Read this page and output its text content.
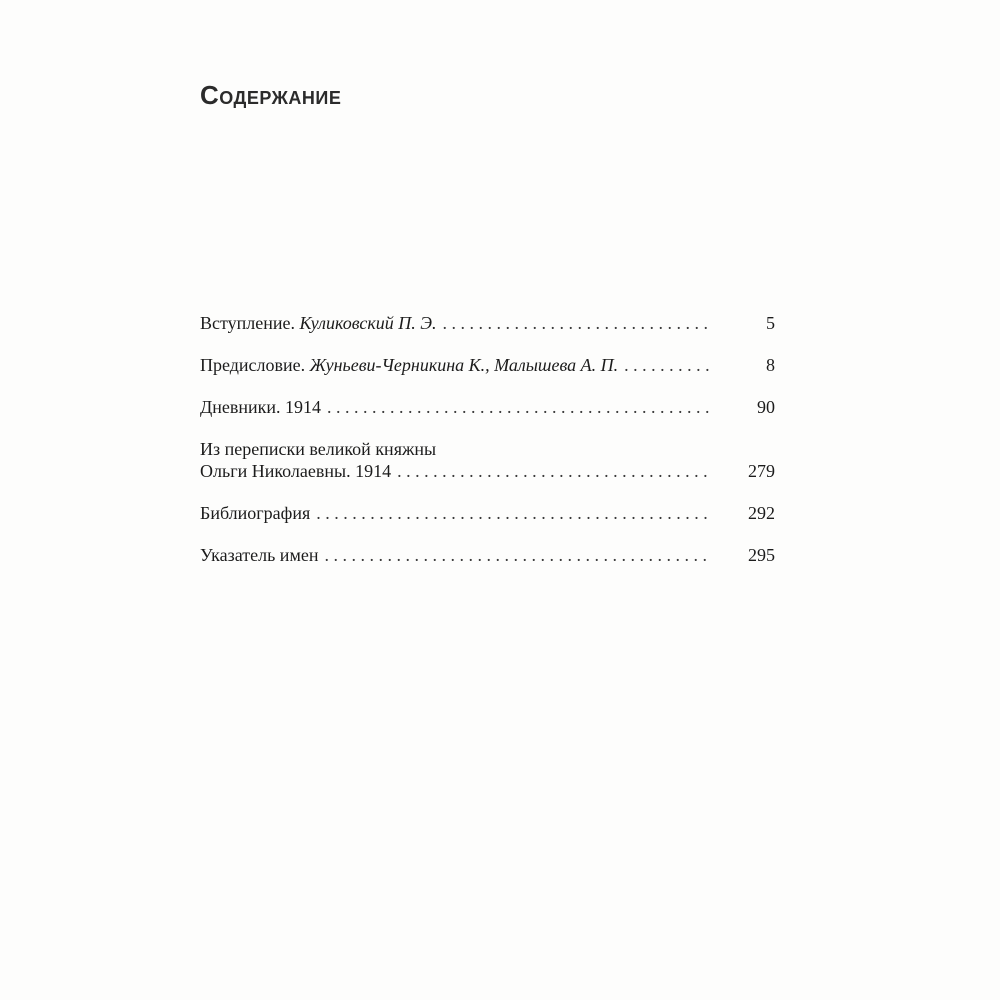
Содержание
Вступление. Куликовский П. Э. . . .	5
Предисловие. Жуньеви-Черникина К., Малышева А. П. . . .	8
Дневники. 1914 . . .	90
Из переписки великой княжны
Ольги Николаевны. 1914 . . .	279
Библиография . . .	292
Указатель имен . . .	295
